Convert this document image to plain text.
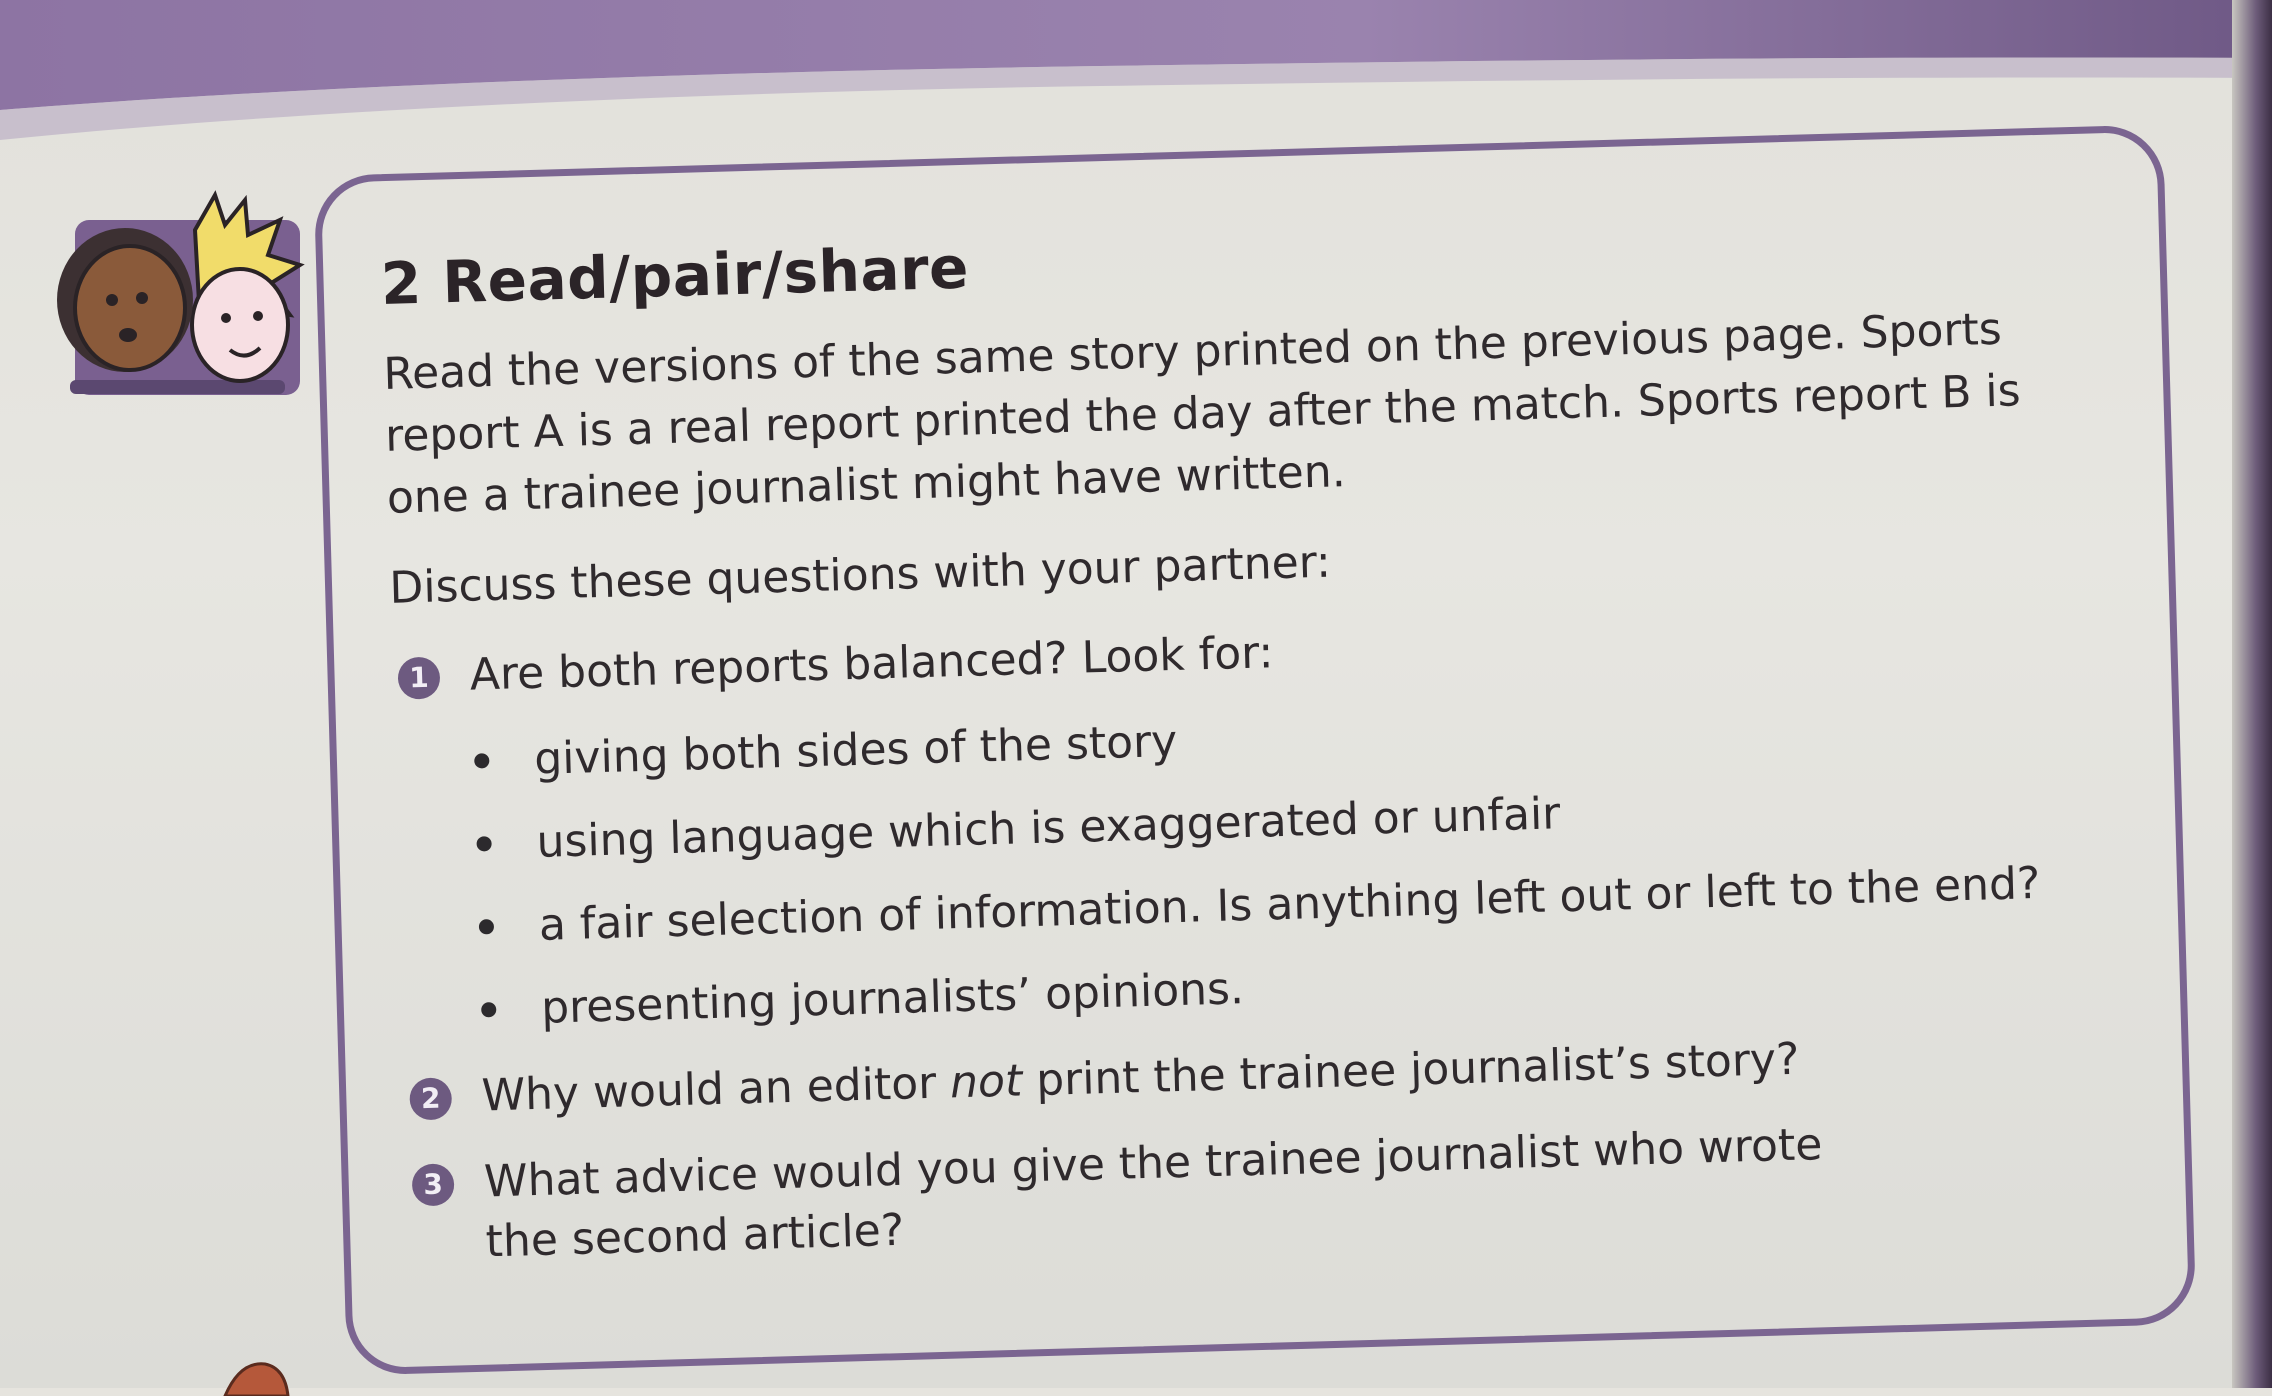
2 Read/pair/share

Read the versions of the same story printed on the previous page. Sports report A is a real report printed the day after the match. Sports report B is one a trainee journalist might have written.

Discuss these questions with your partner:

1 Are both reports balanced? Look for:
giving both sides of the story
using language which is exaggerated or unfair
a fair selection of information. Is anything left out or left to the end?
presenting journalists’ opinions.
2 Why would an editor not print the trainee journalist’s story?
3 What advice would you give the trainee journalist who wrote the second article?
